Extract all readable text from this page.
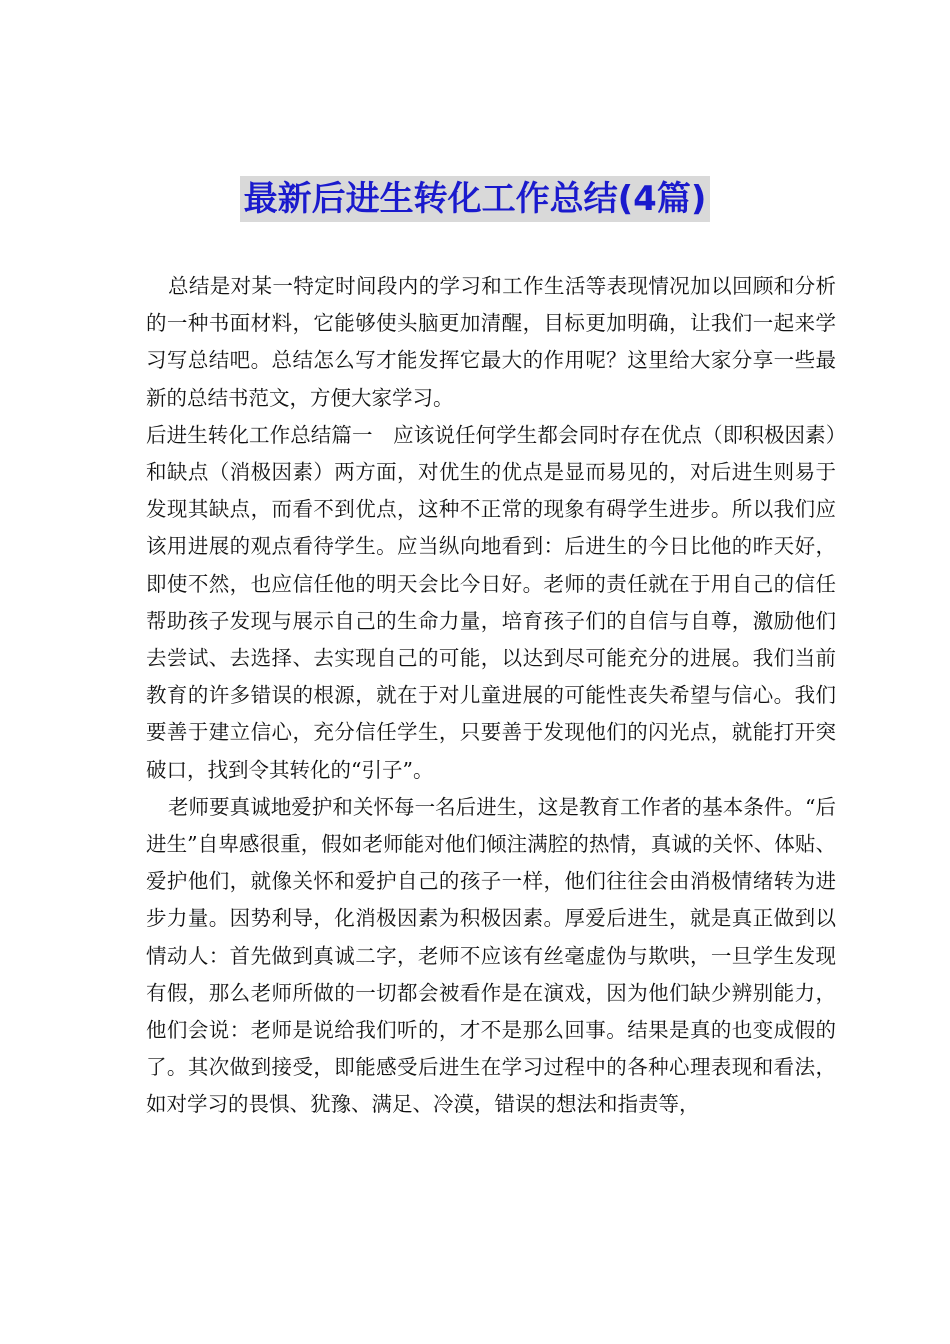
最新后进生转化工作总结(4篇)

总结是对某一特定时间段内的学习和工作生活等表现情况加以回顾和分析的一种书面材料，它能够使头脑更加清醒，目标更加明确，让我们一起来学习写总结吧。总结怎么写才能发挥它最大的作用呢？这里给大家分享一些最新的总结书范文，方便大家学习。

后进生转化工作总结篇一　应该说任何学生都会同时存在优点（即积极因素）和缺点（消极因素）两方面，对优生的优点是显而易见的，对后进生则易于发现其缺点，而看不到优点，这种不正常的现象有碍学生进步。所以我们应该用进展的观点看待学生。应当纵向地看到：后进生的今日比他的昨天好，即使不然，也应信任他的明天会比今日好。老师的责任就在于用自己的信任帮助孩子发现与展示自己的生命力量，培育孩子们的自信与自尊，激励他们去尝试、去选择、去实现自己的可能，以达到尽可能充分的进展。我们当前教育的许多错误的根源，就在于对儿童进展的可能性丧失希望与信心。我们要善于建立信心，充分信任学生，只要善于发现他们的闪光点，就能打开突破口，找到令其转化的“引子”。

老师要真诚地爱护和关怀每一名后进生，这是教育工作者的基本条件。“后进生”自卑感很重，假如老师能对他们倾注满腔的热情，真诚的关怀、体贴、爱护他们，就像关怀和爱护自己的孩子一样，他们往往会由消极情绪转为进步力量。因势利导，化消极因素为积极因素。厚爱后进生，就是真正做到以情动人：首先做到真诚二字，老师不应该有丝毫虚伪与欺哄，一旦学生发现有假，那么老师所做的一切都会被看作是在演戏，因为他们缺少辨别能力，他们会说：老师是说给我们听的，才不是那么回事。结果是真的也变成假的了。其次做到接受，即能感受后进生在学习过程中的各种心理表现和看法，如对学习的畏惧、犹豫、满足、冷漠，错误的想法和指责等，
